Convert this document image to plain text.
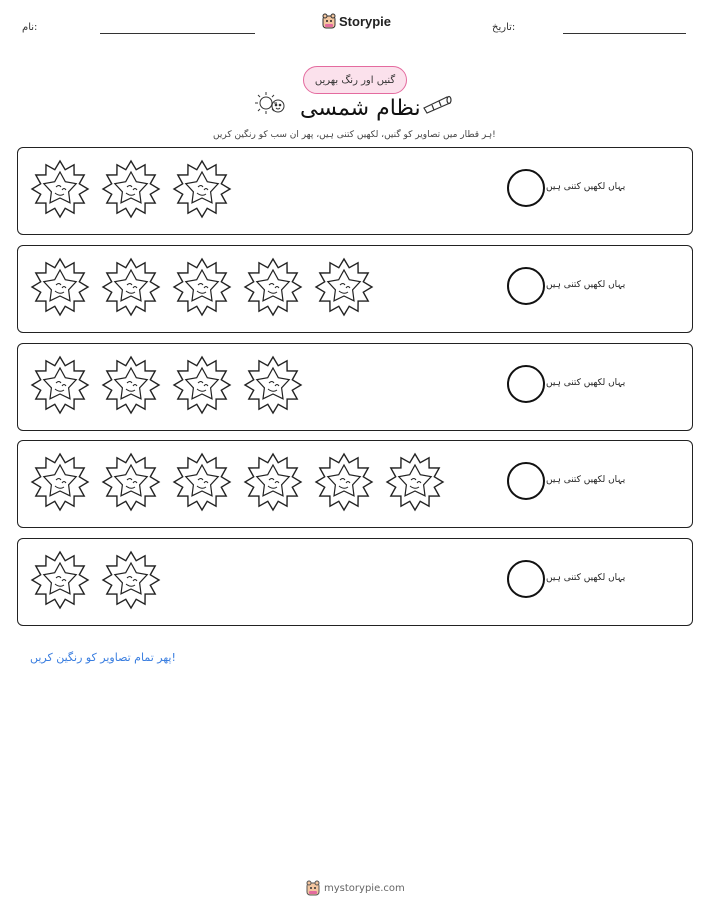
نام:	Storypie	تاریخ:
گنیں اور رنگ بھریں
نظام شمسی
ہر قطار میں تصاویر کو گنیں، لکھیں کتنی ہیں، پھر ان سب کو رنگین کریں!
یہاں لکھیں کتنی ہیں
یہاں لکھیں کتنی ہیں
یہاں لکھیں کتنی ہیں
یہاں لکھیں کتنی ہیں
یہاں لکھیں کتنی ہیں
پھر تمام تصاویر کو رنگین کریں!
mystorypie.com
